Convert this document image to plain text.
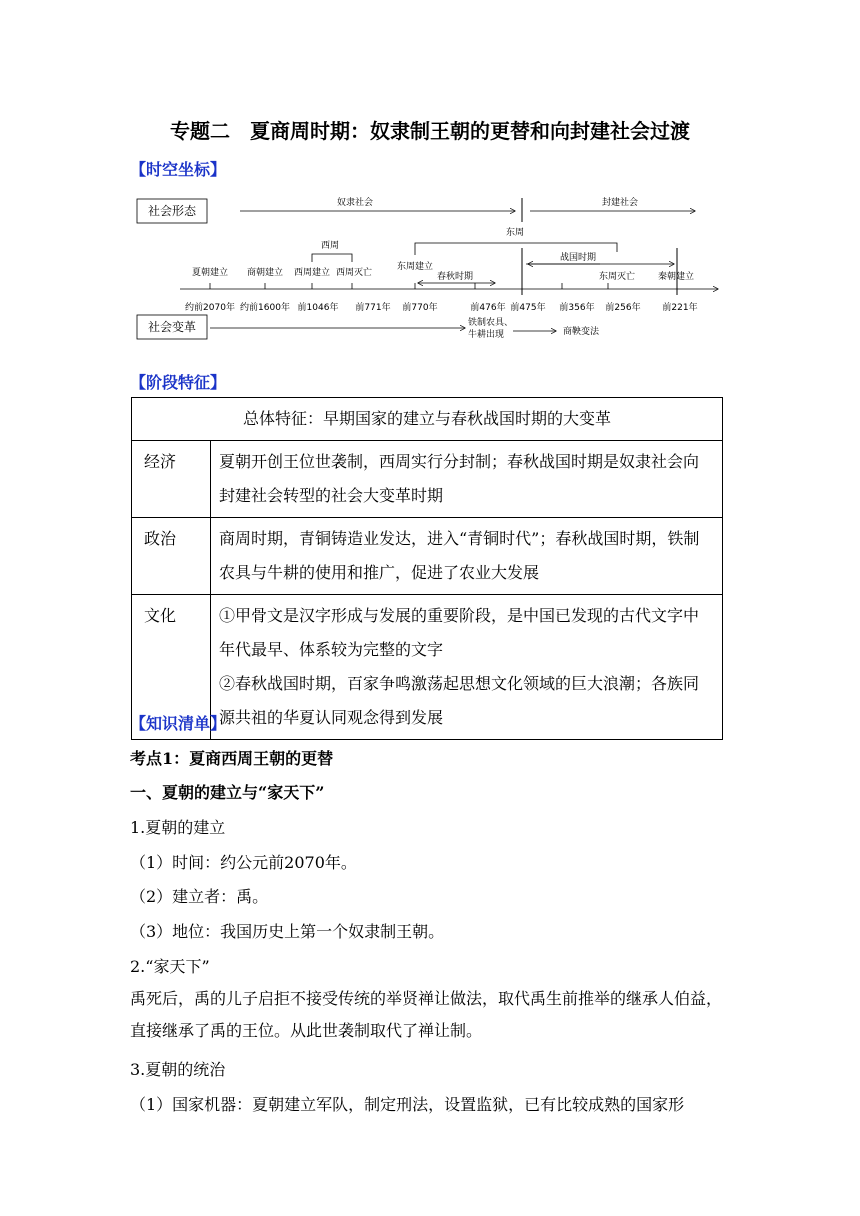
专题二　夏商周时期：奴隶制王朝的更替和向封建社会过渡
【时空坐标】
社会形态
社会变革
奴隶社会	封建社会
东周
西周
战国时期
春秋时期
夏朝建立 商朝建立 西周建立 西周灭亡
东周建立
东周灭亡	秦朝建立
约前2070年 约前1600年 前1046年 前771年 前770年	前476年 前475年 前356年 前256年 前221年
铁制农具、
牛耕出现	商鞅变法
【阶段特征】
总体特征：早期国家的建立与春秋战国时期的大变革	
经济	夏朝开创王位世袭制，西周实行分封制；春秋战国时期是奴隶社会向封建社会转型的社会大变革时期
政治	商周时期，青铜铸造业发达，进入“青铜时代”；春秋战国时期，铁制农具与牛耕的使用和推广，促进了农业大发展
文化	①甲骨文是汉字形成与发展的重要阶段，是中国已发现的古代文字中年代最早、体系较为完整的文字
②春秋战国时期，百家争鸣激荡起思想文化领域的巨大浪潮；各族同源共祖的华夏认同观念得到发展
【知识清单】
考点1：夏商西周王朝的更替
一、夏朝的建立与“家天下”
1.夏朝的建立
（1）时间：约公元前2070年。
（2）建立者：禹。
（3）地位：我国历史上第一个奴隶制王朝。
2.“家天下”
禹死后，禹的儿子启拒不接受传统的举贤禅让做法，取代禹生前推举的继承人伯益，直接继承了禹的王位。从此世袭制取代了禅让制。
3.夏朝的统治
（1）国家机器：夏朝建立军队，制定刑法，设置监狱，已有比较成熟的国家形
